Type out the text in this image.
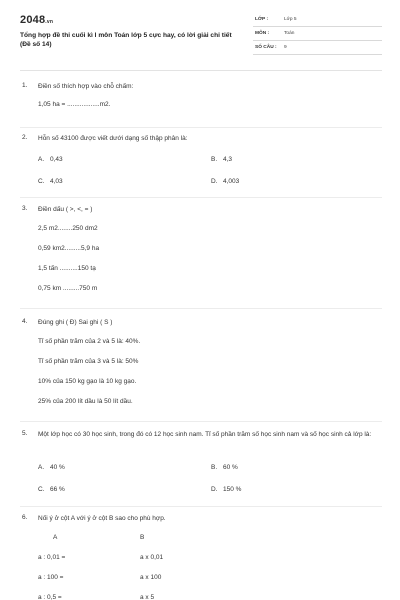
2048.vn
Tổng hợp đề thi cuối kì I môn Toán lớp 5 cực hay, có lời giải chi tiết (Đề số 14)
LỚP :	Lớp 5
MÔN :	Toán
SỐ CÂU : 9
1. Điền số thích hợp vào chỗ chấm:
1,05 ha = ..................m2.
2. Hỗn số 43100 được viết dưới dạng số thập phân là:
A. 0,43	B. 4,3
C. 4,03	D. 4,003
3. Điền dấu ( >, <, = )
2,5 m2........250 dm2
0,59 km2.........5,9 ha
1,5 tấn ..........150 tạ
0,75 km .........750 m
4. Đúng ghi ( Đ) Sai ghi ( S )
Tỉ số phần trăm của 2 và 5 là: 40%.
Tỉ số phần trăm của 3 và 5 là: 50%
10% của 150 kg gạo là 10 kg gạo.
25% của 200 lít dầu là 50 lít dầu.
5. Một lớp học có 30 học sinh, trong đó có 12 học sinh nam. Tỉ số phần trăm số học sinh nam và số học sinh cả lớp là:
A. 40 %	B. 60 %
C. 66 %	D. 150 %
6. Nối ý ở cột A với ý ở cột B sao cho phù hợp.
A	B
a : 0,01 =	a x 0,01
a : 100 =	a x 100
a : 0,5 =	a x 5
